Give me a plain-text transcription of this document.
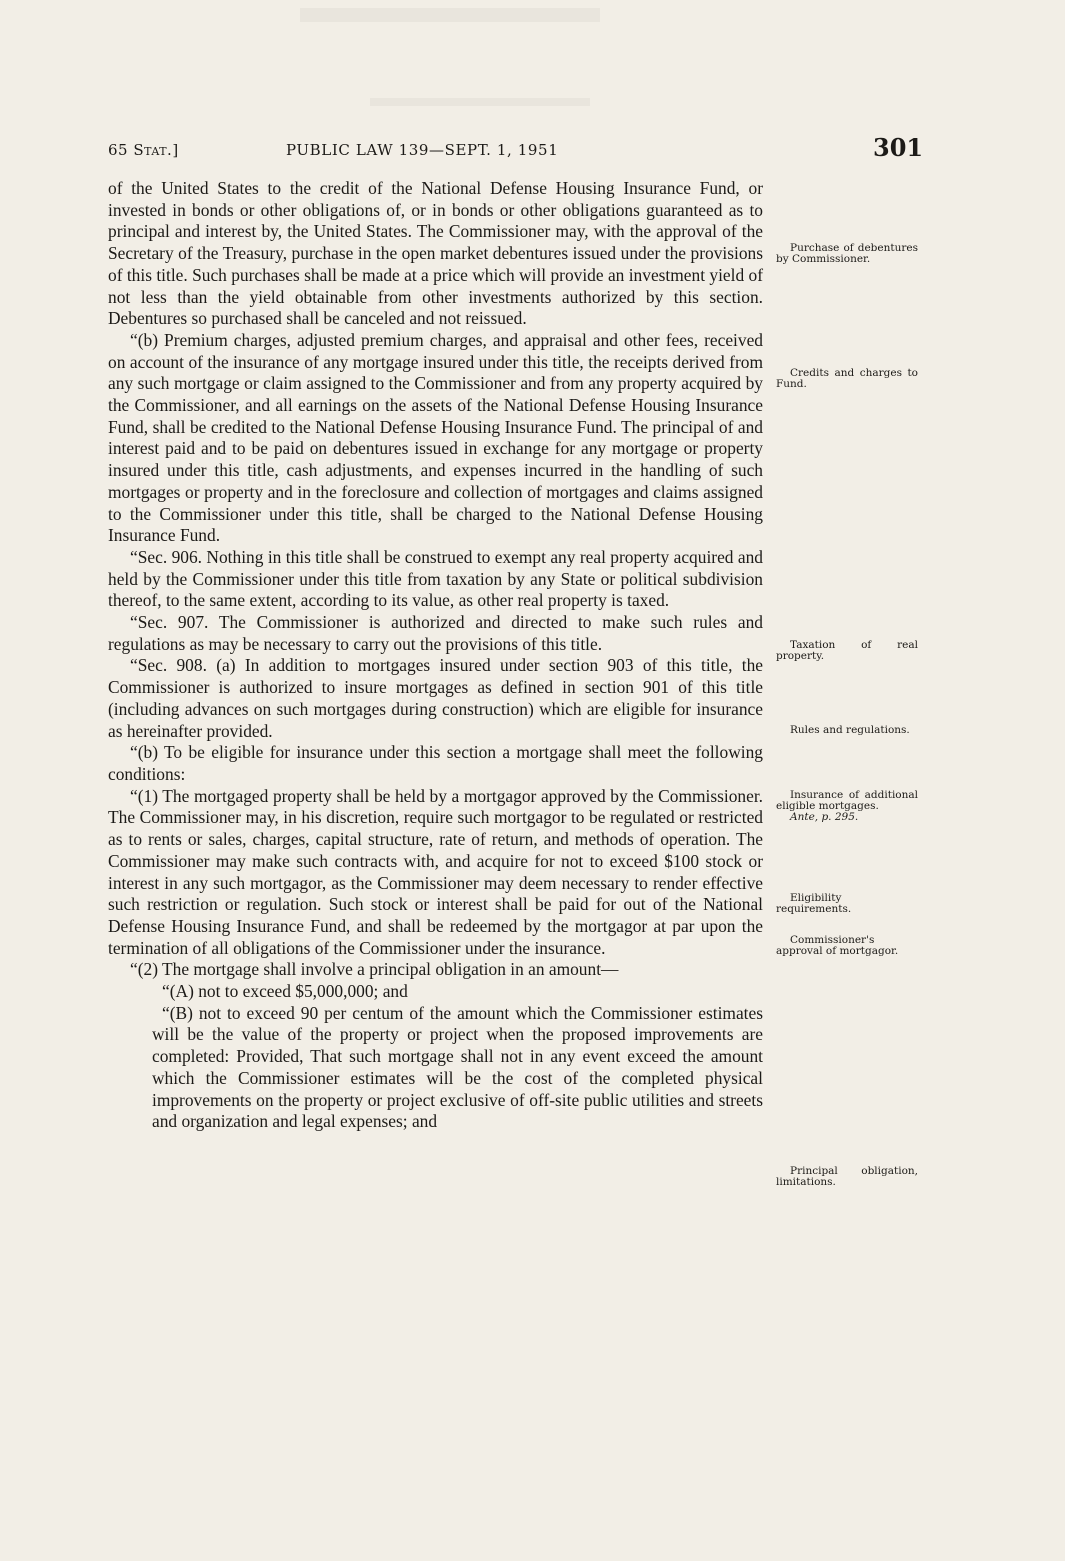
65 Stat.]	PUBLIC LAW 139—SEPT. 1, 1951	301

of the United States to the credit of the National Defense Housing Insurance Fund, or invested in bonds or other obligations of, or in bonds or other obligations guaranteed as to principal and interest by, the United States. The Commissioner may, with the approval of the Secretary of the Treasury, purchase in the open market debentures issued under the provisions of this title. Such purchases shall be made at a price which will provide an investment yield of not less than the yield obtainable from other investments authorized by this section. Debentures so purchased shall be canceled and not reissued.

“(b) Premium charges, adjusted premium charges, and appraisal and other fees, received on account of the insurance of any mortgage insured under this title, the receipts derived from any such mortgage or claim assigned to the Commissioner and from any property acquired by the Commissioner, and all earnings on the assets of the National Defense Housing Insurance Fund, shall be credited to the National Defense Housing Insurance Fund. The principal of and interest paid and to be paid on debentures issued in exchange for any mortgage or property insured under this title, cash adjustments, and expenses incurred in the handling of such mortgages or property and in the foreclosure and collection of mortgages and claims assigned to the Commissioner under this title, shall be charged to the National Defense Housing Insurance Fund.

“Sec. 906. Nothing in this title shall be construed to exempt any real property acquired and held by the Commissioner under this title from taxation by any State or political subdivision thereof, to the same extent, according to its value, as other real property is taxed.

“Sec. 907. The Commissioner is authorized and directed to make such rules and regulations as may be necessary to carry out the provisions of this title.

“Sec. 908. (a) In addition to mortgages insured under section 903 of this title, the Commissioner is authorized to insure mortgages as defined in section 901 of this title (including advances on such mortgages during construction) which are eligible for insurance as hereinafter provided.

“(b) To be eligible for insurance under this section a mortgage shall meet the following conditions:

“(1) The mortgaged property shall be held by a mortgagor approved by the Commissioner. The Commissioner may, in his discretion, require such mortgagor to be regulated or restricted as to rents or sales, charges, capital structure, rate of return, and methods of operation. The Commissioner may make such contracts with, and acquire for not to exceed $100 stock or interest in any such mortgagor, as the Commissioner may deem necessary to render effective such restriction or regulation. Such stock or interest shall be paid for out of the National Defense Housing Insurance Fund, and shall be redeemed by the mortgagor at par upon the termination of all obligations of the Commissioner under the insurance.

“(2) The mortgage shall involve a principal obligation in an amount—

“(A) not to exceed $5,000,000; and

“(B) not to exceed 90 per centum of the amount which the Commissioner estimates will be the value of the property or project when the proposed improvements are completed: Provided, That such mortgage shall not in any event exceed the amount which the Commissioner estimates will be the cost of the completed physical improvements on the property or project exclusive of off-site public utilities and streets and organization and legal expenses; and

Purchase of debentures by Commissioner.
Credits and charges to Fund.
Taxation of real property.
Rules and regulations.
Insurance of additional eligible mortgages.
Ante, p. 295.
Eligibility requirements.
Commissioner's approval of mortgagor.
Principal obligation, limitations.
